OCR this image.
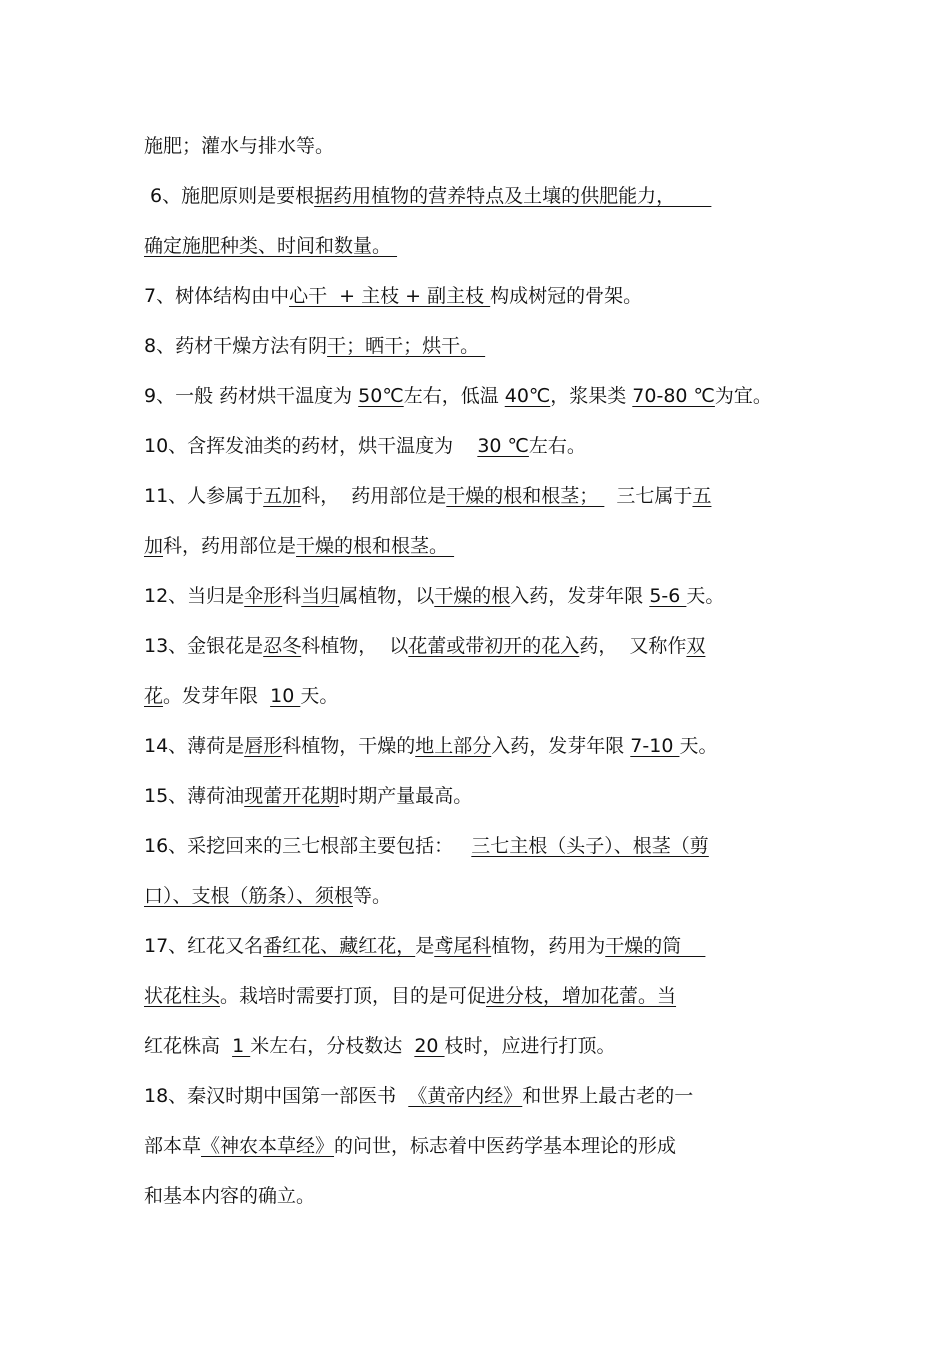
施肥；灌水与排水等。
6、施肥原则是要根据药用植物的营养特点及土壤的供肥能力，
确定施肥种类、时间和数量。
7、树体结构由中心干  + 主枝 + 副主枝 构成树冠的骨架。
8、药材干燥方法有阴干；晒干；烘干。
9、一般 药材烘干温度为 50℃左右，低温 40℃，浆果类 70-80 ℃为宜。
10、含挥发油类的药材，烘干温度为    30 ℃左右。
11、人参属于五加科，  药用部位是干燥的根和根茎；   三七属于五
加科，药用部位是干燥的根和根茎。
12、当归是伞形科当归属植物，以干燥的根入药，发芽年限 5-6 天。
13、金银花是忍冬科植物，  以花蕾或带初开的花入药，  又称作双
花。发芽年限  10 天。
14、薄荷是唇形科植物，干燥的地上部分入药，发芽年限 7-10 天。
15、薄荷油现蕾开花期时期产量最高。
16、采挖回来的三七根部主要包括：   三七主根（头子）、根茎（剪
口）、支根（筋条）、须根等。
17、红花又名番红花、藏红花，是鸢尾科植物，药用为干燥的筒
状花柱头。栽培时需要打顶，目的是可促进分枝，增加花蕾。当
红花株高  1 米左右，分枝数达  20 枝时，应进行打顶。
18、秦汉时期中国第一部医书  《黄帝内经》和世界上最古老的一
部本草《神农本草经》的问世，标志着中医药学基本理论的形成
和基本内容的确立。
